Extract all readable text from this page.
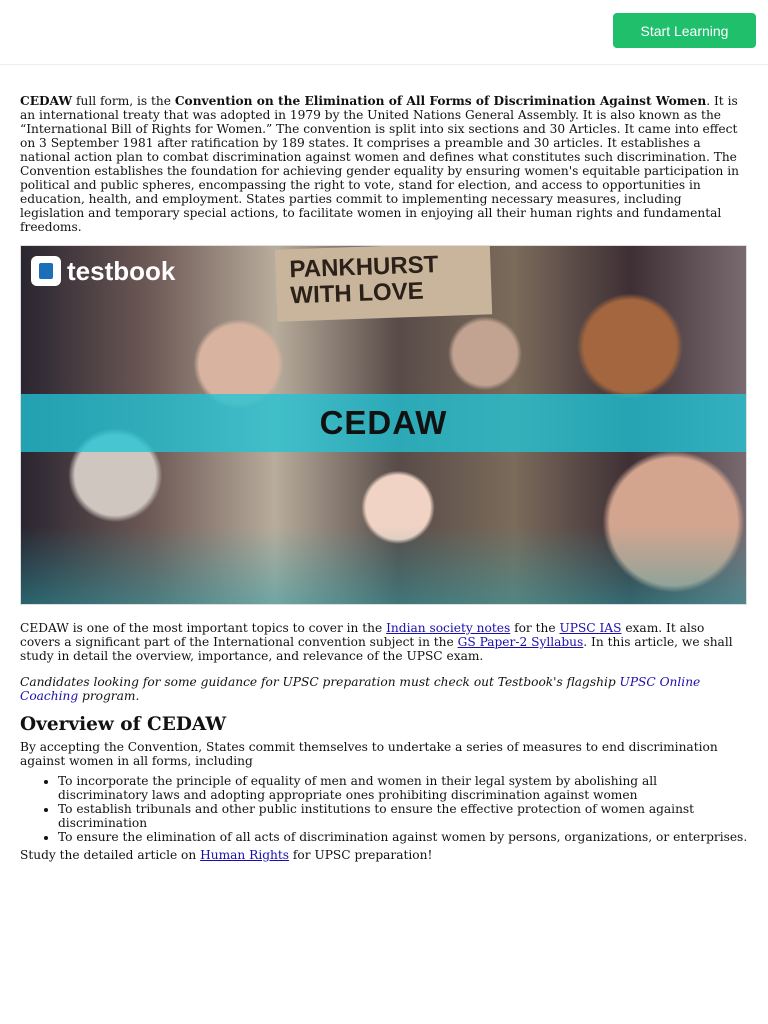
Start Learning

CEDAW full form, is the Convention on the Elimination of All Forms of Discrimination Against Women. It is an international treaty that was adopted in 1979 by the United Nations General Assembly. It is also known as the “International Bill of Rights for Women.” The convention is split into six sections and 30 Articles. It came into effect on 3 September 1981 after ratification by 189 states. It comprises a preamble and 30 articles. It establishes a national action plan to combat discrimination against women and defines what constitutes such discrimination. The Convention establishes the foundation for achieving gender equality by ensuring women's equitable participation in political and public spheres, encompassing the right to vote, stand for election, and access to opportunities in education, health, and employment. States parties commit to implementing necessary measures, including legislation and temporary special actions, to facilitate women in enjoying all their human rights and fundamental freedoms.

PANKHURST WITH LOVE
testbook
CEDAW

CEDAW is one of the most important topics to cover in the Indian society notes for the UPSC IAS exam. It also covers a significant part of the International convention subject in the GS Paper-2 Syllabus. In this article, we shall study in detail the overview, importance, and relevance of the UPSC exam.

Candidates looking for some guidance for UPSC preparation must check out Testbook's flagship UPSC Online Coaching program.

Overview of CEDAW

By accepting the Convention, States commit themselves to undertake a series of measures to end discrimination against women in all forms, including

• To incorporate the principle of equality of men and women in their legal system by abolishing all discriminatory laws and adopting appropriate ones prohibiting discrimination against women
• To establish tribunals and other public institutions to ensure the effective protection of women against discrimination
• To ensure the elimination of all acts of discrimination against women by persons, organizations, or enterprises.

Study the detailed article on Human Rights for UPSC preparation!
